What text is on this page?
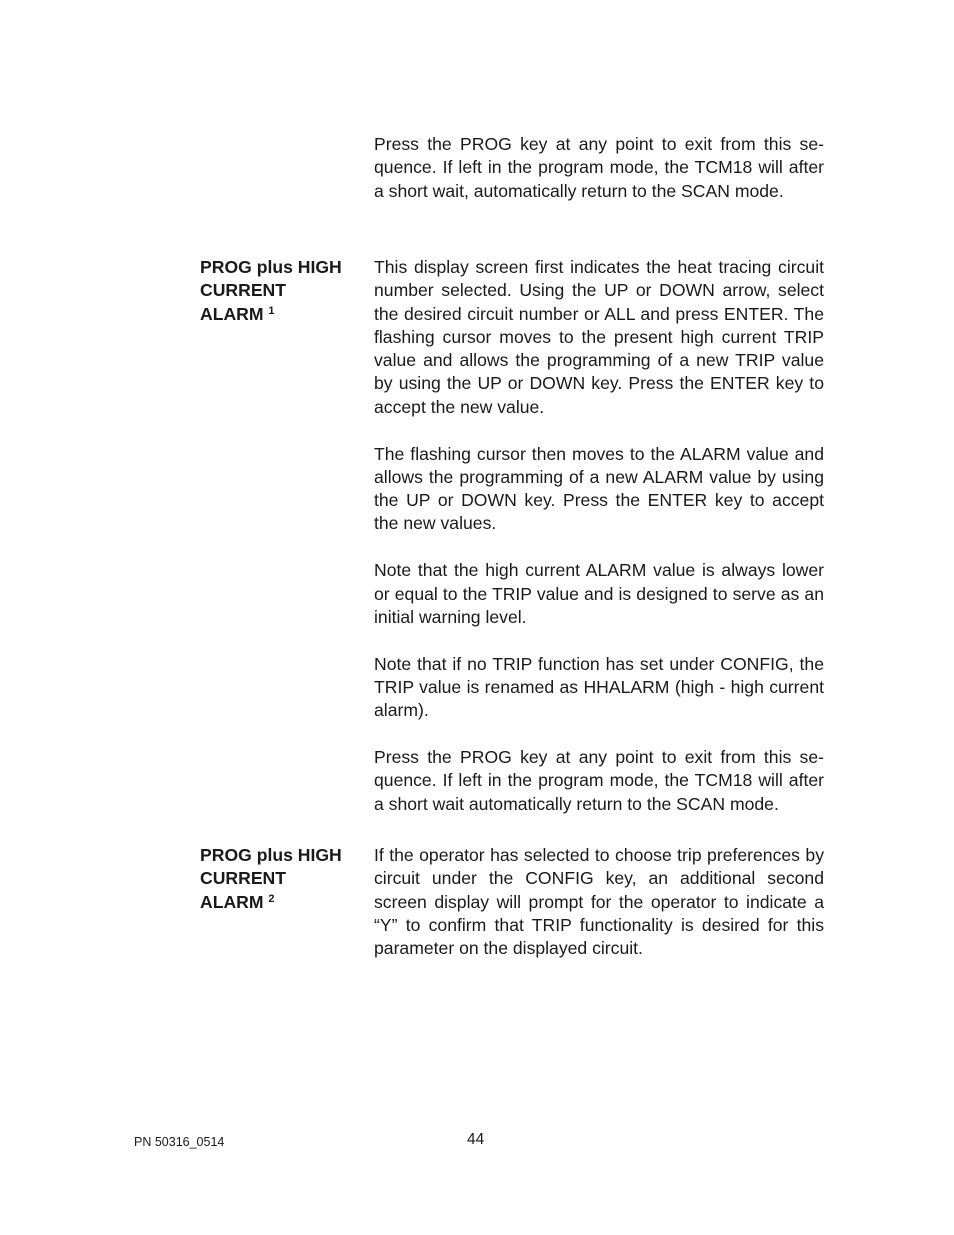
Press the PROG key at any point to exit from this sequence. If left in the program mode, the TCM18 will after a short wait, automatically return to the SCAN mode.

PROG plus HIGH
CURRENT
ALARM $^1$

This display screen first indicates the heat tracing circuit number selected. Using the UP or DOWN arrow, select the desired circuit number or ALL and press ENTER. The flashing cursor moves to the present high current TRIP value and allows the programming of a new TRIP value by using the UP or DOWN key. Press the ENTER key to accept the new value.

The flashing cursor then moves to the ALARM value and allows the programming of a new ALARM value by using the UP or DOWN key. Press the ENTER key to accept the new values.

Note that the high current ALARM value is always lower or equal to the TRIP value and is designed to serve as an initial warning level.

Note that if no TRIP function has set under CONFIG, the TRIP value is renamed as HHALARM (high - high current alarm).

Press the PROG key at any point to exit from this sequence. If left in the program mode, the TCM18 will after a short wait automatically return to the SCAN mode.

PROG plus HIGH
CURRENT
ALARM $^2$

If the operator has selected to choose trip preferences by circuit under the CONFIG key, an additional second screen display will prompt for the operator to indicate a “Y” to confirm that TRIP functionality is desired for this parameter on the displayed circuit.

PN 50316_0514	44
